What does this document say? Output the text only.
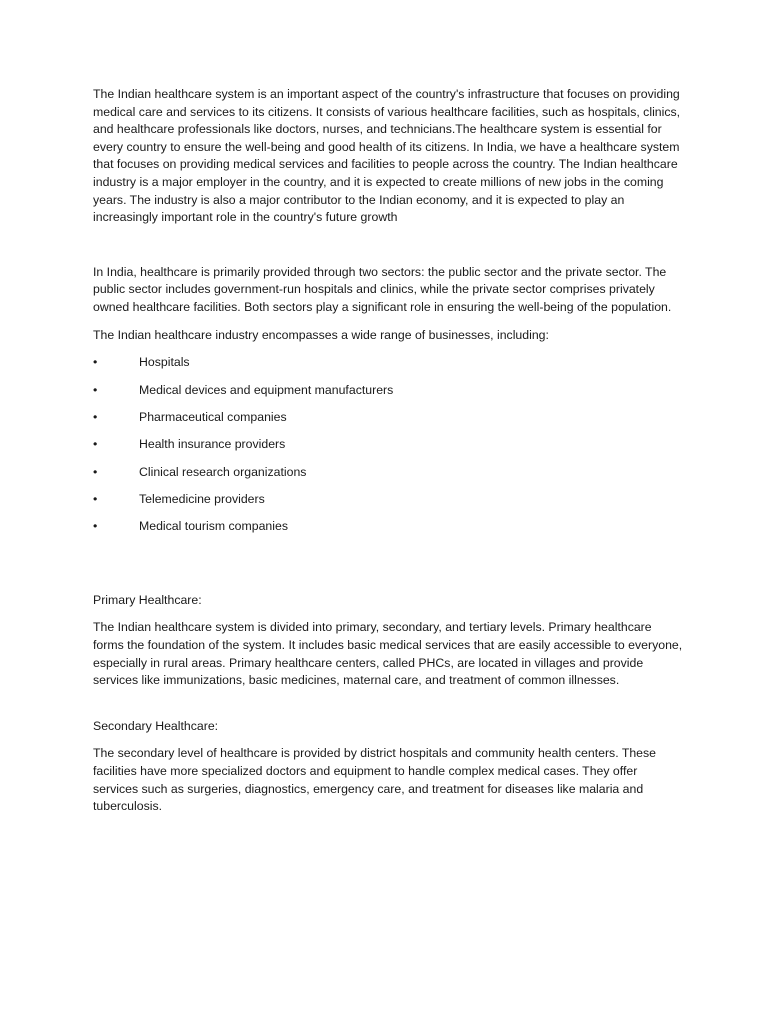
The Indian healthcare system is an important aspect of the country's infrastructure that focuses on providing medical care and services to its citizens. It consists of various healthcare facilities, such as hospitals, clinics, and healthcare professionals like doctors, nurses, and technicians.The healthcare system is essential for every country to ensure the well-being and good health of its citizens. In India, we have a healthcare system that focuses on providing medical services and facilities to people across the country. The Indian healthcare industry is a major employer in the country, and it is expected to create millions of new jobs in the coming years. The industry is also a major contributor to the Indian economy, and it is expected to play an increasingly important role in the country's future growth

In India, healthcare is primarily provided through two sectors: the public sector and the private sector. The public sector includes government-run hospitals and clinics, while the private sector comprises privately owned healthcare facilities. Both sectors play a significant role in ensuring the well-being of the population.

The Indian healthcare industry encompasses a wide range of businesses, including:

•	Hospitals
•	Medical devices and equipment manufacturers
•	Pharmaceutical companies
•	Health insurance providers
•	Clinical research organizations
•	Telemedicine providers
•	Medical tourism companies

Primary Healthcare:

The Indian healthcare system is divided into primary, secondary, and tertiary levels. Primary healthcare forms the foundation of the system. It includes basic medical services that are easily accessible to everyone, especially in rural areas. Primary healthcare centers, called PHCs, are located in villages and provide services like immunizations, basic medicines, maternal care, and treatment of common illnesses.

Secondary Healthcare:

The secondary level of healthcare is provided by district hospitals and community health centers. These facilities have more specialized doctors and equipment to handle complex medical cases. They offer services such as surgeries, diagnostics, emergency care, and treatment for diseases like malaria and tuberculosis.
